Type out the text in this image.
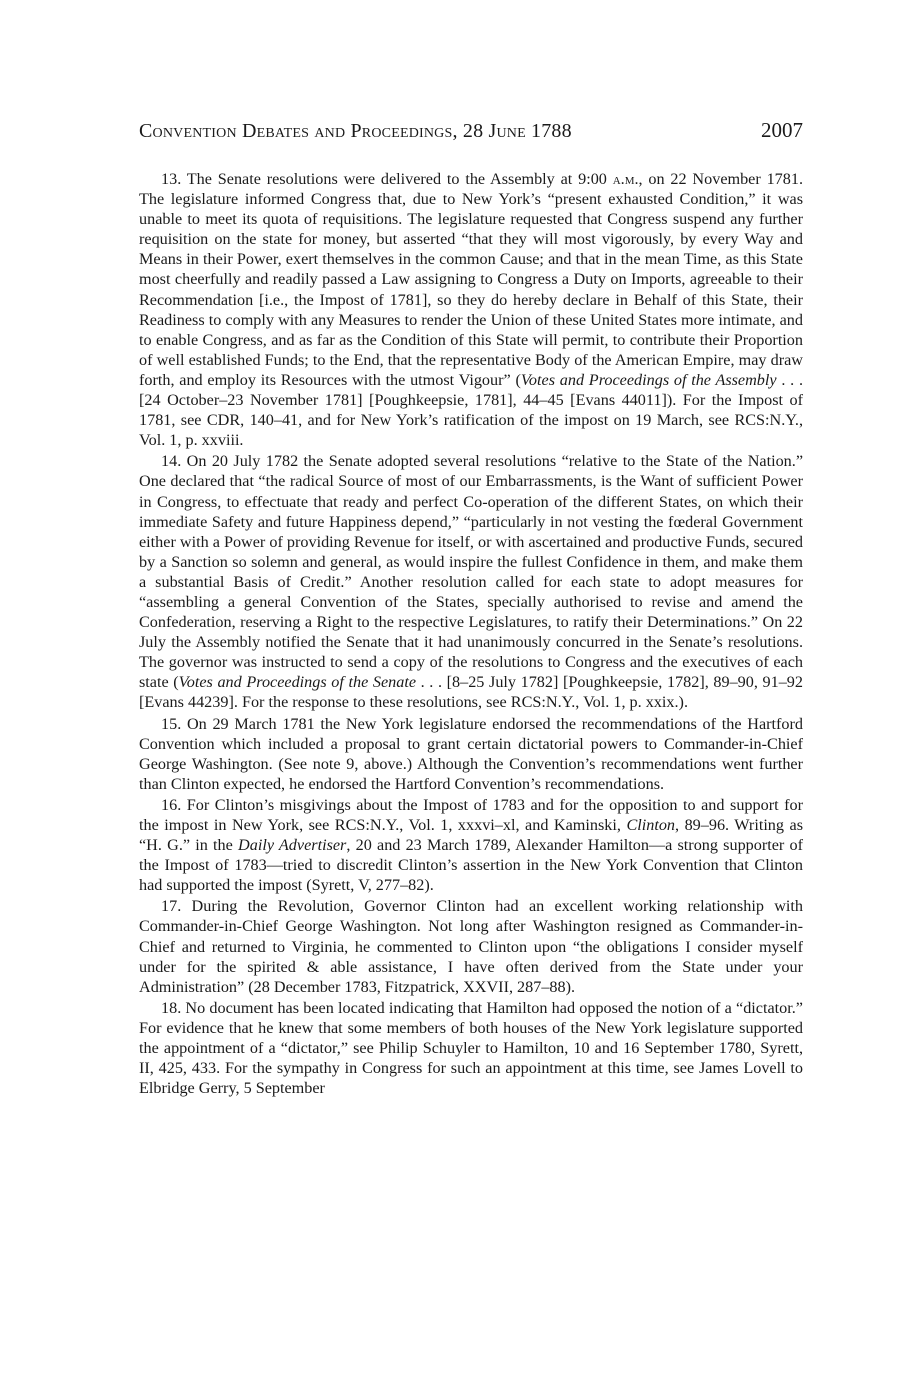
Convention Debates and Proceedings, 28 June 1788	2007

13. The Senate resolutions were delivered to the Assembly at 9:00 a.m., on 22 November 1781. The legislature informed Congress that, due to New York’s “present exhausted Condition,” it was unable to meet its quota of requisitions. The legislature requested that Congress suspend any further requisition on the state for money, but asserted “that they will most vigorously, by every Way and Means in their Power, exert themselves in the common Cause; and that in the mean Time, as this State most cheerfully and readily passed a Law assigning to Congress a Duty on Imports, agreeable to their Recommendation [i.e., the Impost of 1781], so they do hereby declare in Behalf of this State, their Readiness to comply with any Measures to render the Union of these United States more intimate, and to enable Congress, and as far as the Condition of this State will permit, to contribute their Proportion of well established Funds; to the End, that the representative Body of the American Empire, may draw forth, and employ its Resources with the utmost Vigour” (Votes and Proceedings of the Assembly . . . [24 October–23 November 1781] [Poughkeepsie, 1781], 44–45 [Evans 44011]). For the Impost of 1781, see CDR, 140–41, and for New York’s ratification of the impost on 19 March, see RCS:N.Y., Vol. 1, p. xxviii.

14. On 20 July 1782 the Senate adopted several resolutions “relative to the State of the Nation.” One declared that “the radical Source of most of our Embarrassments, is the Want of sufficient Power in Congress, to effectuate that ready and perfect Co-operation of the different States, on which their immediate Safety and future Happiness depend,” “particularly in not vesting the fœderal Government either with a Power of providing Revenue for itself, or with ascertained and productive Funds, secured by a Sanction so solemn and general, as would inspire the fullest Confidence in them, and make them a substantial Basis of Credit.” Another resolution called for each state to adopt measures for “assembling a general Convention of the States, specially authorised to revise and amend the Confederation, reserving a Right to the respective Legislatures, to ratify their Determinations.” On 22 July the Assembly notified the Senate that it had unanimously concurred in the Senate’s resolutions. The governor was instructed to send a copy of the resolutions to Congress and the executives of each state (Votes and Proceedings of the Senate . . . [8–25 July 1782] [Poughkeepsie, 1782], 89–90, 91–92 [Evans 44239]. For the response to these resolutions, see RCS:N.Y., Vol. 1, p. xxix.).

15. On 29 March 1781 the New York legislature endorsed the recommendations of the Hartford Convention which included a proposal to grant certain dictatorial powers to Commander-in-Chief George Washington. (See note 9, above.) Although the Convention’s recommendations went further than Clinton expected, he endorsed the Hartford Convention’s recommendations.

16. For Clinton’s misgivings about the Impost of 1783 and for the opposition to and support for the impost in New York, see RCS:N.Y., Vol. 1, xxxvi–xl, and Kaminski, Clinton, 89–96. Writing as “H. G.” in the Daily Advertiser, 20 and 23 March 1789, Alexander Hamilton—a strong supporter of the Impost of 1783—tried to discredit Clinton’s assertion in the New York Convention that Clinton had supported the impost (Syrett, V, 277–82).

17. During the Revolution, Governor Clinton had an excellent working relationship with Commander-in-Chief George Washington. Not long after Washington resigned as Commander-in-Chief and returned to Virginia, he commented to Clinton upon “the obligations I consider myself under for the spirited & able assistance, I have often derived from the State under your Administration” (28 December 1783, Fitzpatrick, XXVII, 287–88).

18. No document has been located indicating that Hamilton had opposed the notion of a “dictator.” For evidence that he knew that some members of both houses of the New York legislature supported the appointment of a “dictator,” see Philip Schuyler to Hamilton, 10 and 16 September 1780, Syrett, II, 425, 433. For the sympathy in Congress for such an appointment at this time, see James Lovell to Elbridge Gerry, 5 September
